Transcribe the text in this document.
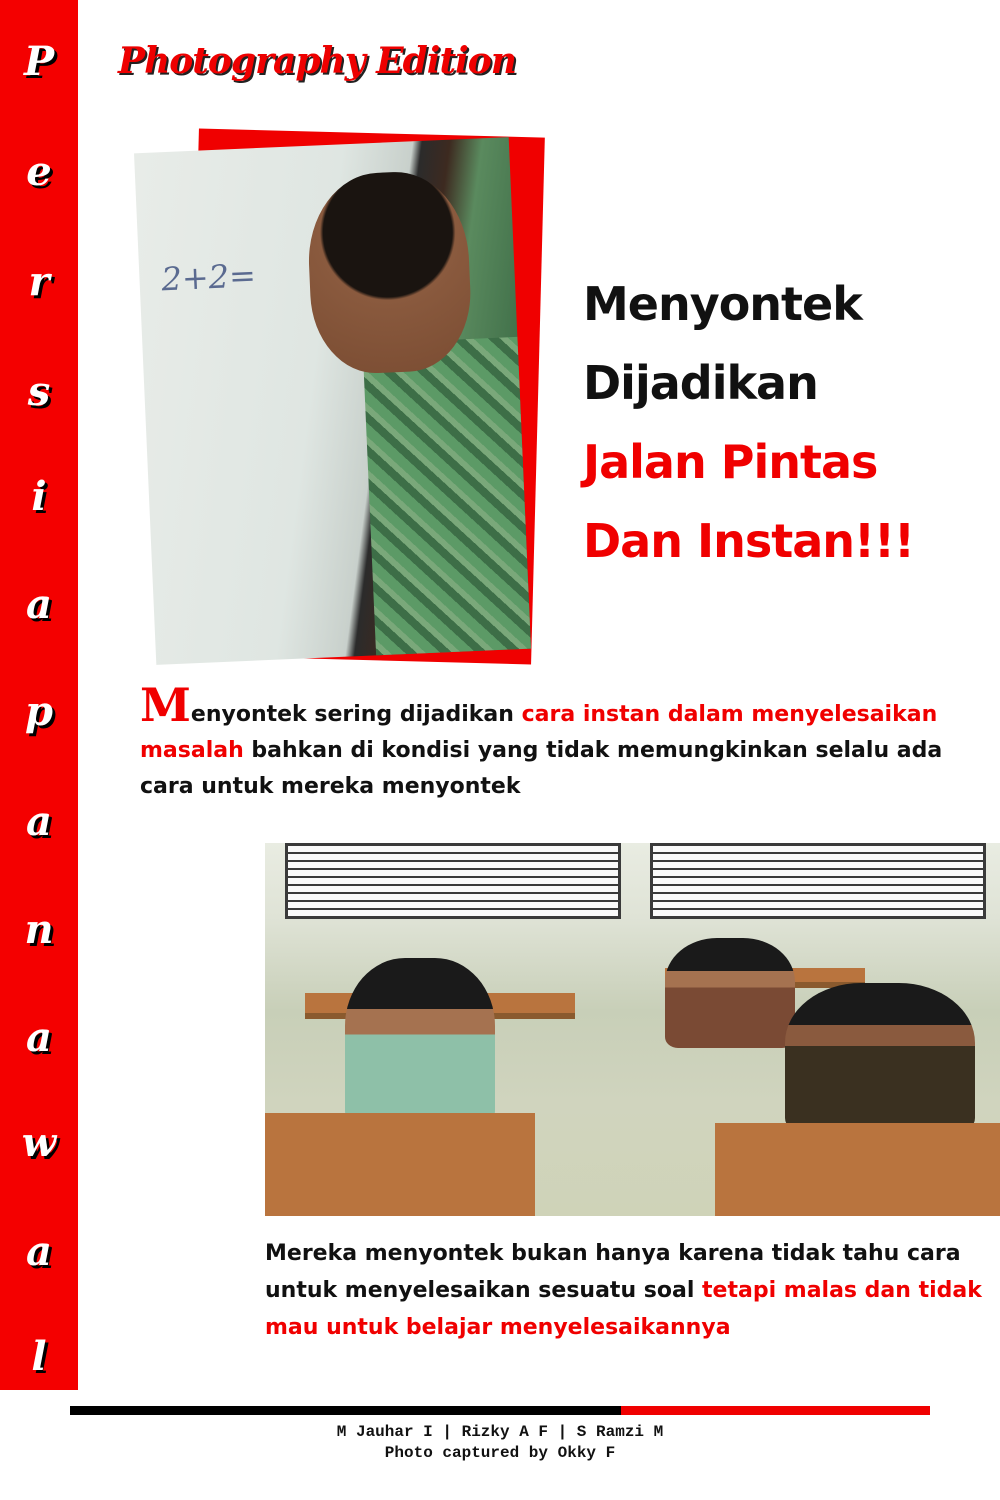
P
e
r
s
i
a
p
a
n
a
w
a
l
Photography Edition
2+2=	Menyontek
Dijadikan
Jalan Pintas
Dan Instan!!!
Menyontek sering dijadikan cara instan dalam menyelesaikan masalah bahkan di kondisi yang tidak memungkinkan selalu ada cara untuk mereka menyontek
Mereka menyontek bukan hanya karena tidak tahu cara untuk menyelesaikan sesuatu soal tetapi malas dan tidak mau untuk belajar menyelesaikannya
M Jauhar I | Rizky A F | S Ramzi M
Photo captured by Okky F
